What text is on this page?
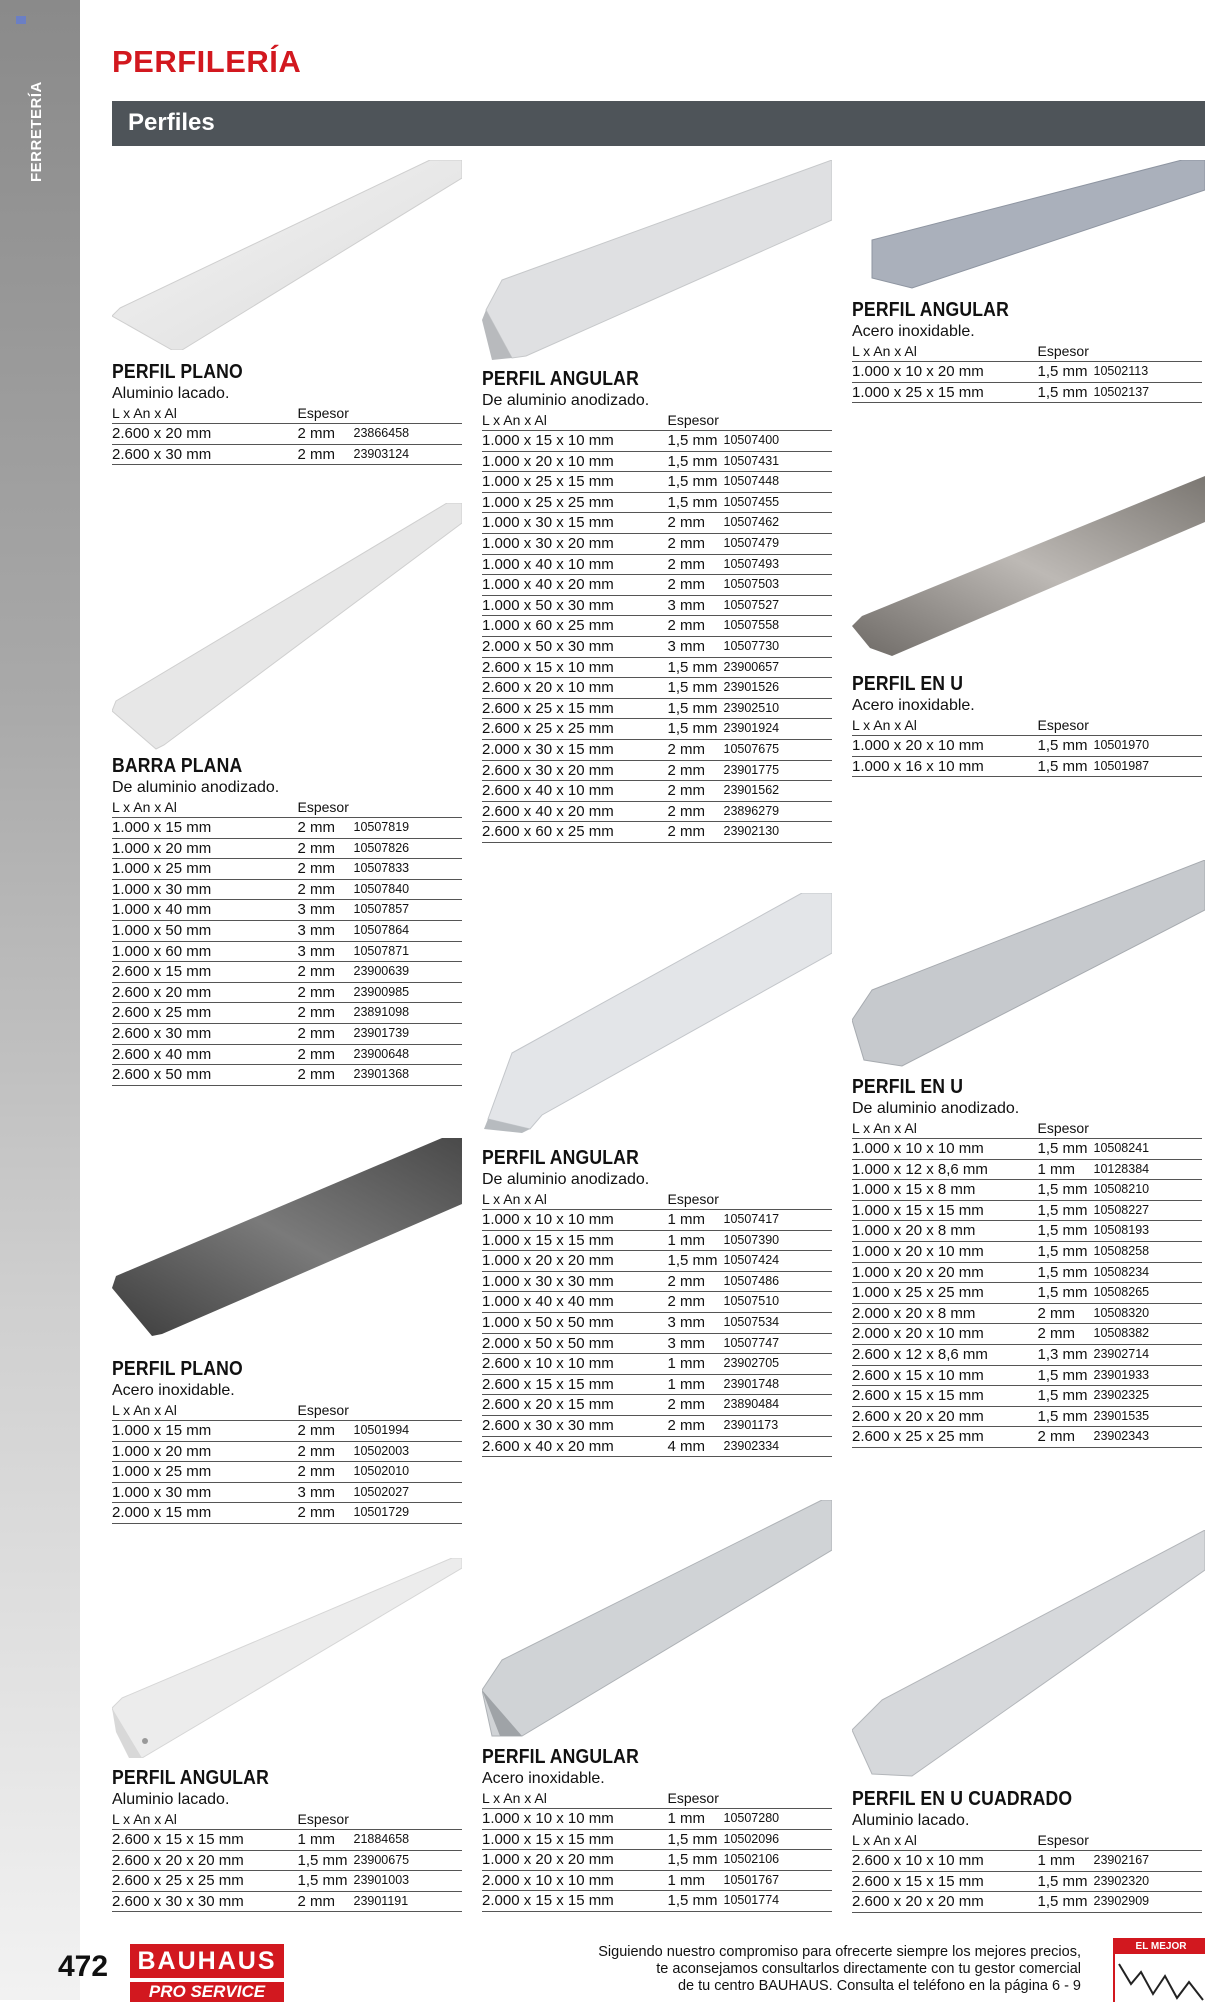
FERRETERÍA
PERFILERÍA
Perfiles
PERFIL PLANO
Aluminio lacado.
L x An x Al	Espesor	
2.600 x 20 mm	2 mm	23866458
2.600 x 30 mm	2 mm	23903124
BARRA PLANA
De aluminio anodizado.
L x An x Al	Espesor	
1.000 x 15 mm	2 mm	10507819
1.000 x 20 mm	2 mm	10507826
1.000 x 25 mm	2 mm	10507833
1.000 x 30 mm	2 mm	10507840
1.000 x 40 mm	3 mm	10507857
1.000 x 50 mm	3 mm	10507864
1.000 x 60 mm	3 mm	10507871
2.600 x 15 mm	2 mm	23900639
2.600 x 20 mm	2 mm	23900985
2.600 x 25 mm	2 mm	23891098
2.600 x 30 mm	2 mm	23901739
2.600 x 40 mm	2 mm	23900648
2.600 x 50 mm	2 mm	23901368
PERFIL PLANO
Acero inoxidable.
L x An x Al	Espesor	
1.000 x 15 mm	2 mm	10501994
1.000 x 20 mm	2 mm	10502003
1.000 x 25 mm	2 mm	10502010
1.000 x 30 mm	3 mm	10502027
2.000 x 15 mm	2 mm	10501729
PERFIL ANGULAR
Aluminio lacado.
L x An x Al	Espesor	
2.600 x 15 x 15 mm	1 mm	21884658
2.600 x 20 x 20 mm	1,5 mm	23900675
2.600 x 25 x 25 mm	1,5 mm	23901003
2.600 x 30 x 30 mm	2 mm	23901191
PERFIL ANGULAR
De aluminio anodizado.
L x An x Al	Espesor	
1.000 x 15 x 10 mm	1,5 mm	10507400
1.000 x 20 x 10 mm	1,5 mm	10507431
1.000 x 25 x 15 mm	1,5 mm	10507448
1.000 x 25 x 25 mm	1,5 mm	10507455
1.000 x 30 x 15 mm	2 mm	10507462
1.000 x 30 x 20 mm	2 mm	10507479
1.000 x 40 x 10 mm	2 mm	10507493
1.000 x 40 x 20 mm	2 mm	10507503
1.000 x 50 x 30 mm	3 mm	10507527
1.000 x 60 x 25 mm	2 mm	10507558
2.000 x 50 x 30 mm	3 mm	10507730
2.600 x 15 x 10 mm	1,5 mm	23900657
2.600 x 20 x 10 mm	1,5 mm	23901526
2.600 x 25 x 15 mm	1,5 mm	23902510
2.600 x 25 x 25 mm	1,5 mm	23901924
2.000 x 30 x 15 mm	2 mm	10507675
2.600 x 30 x 20 mm	2 mm	23901775
2.600 x 40 x 10 mm	2 mm	23901562
2.600 x 40 x 20 mm	2 mm	23896279
2.600 x 60 x 25 mm	2 mm	23902130
PERFIL ANGULAR
De aluminio anodizado.
L x An x Al	Espesor	
1.000 x 10 x 10 mm	1 mm	10507417
1.000 x 15 x 15 mm	1 mm	10507390
1.000 x 20 x 20 mm	1,5 mm	10507424
1.000 x 30 x 30 mm	2 mm	10507486
1.000 x 40 x 40 mm	2 mm	10507510
1.000 x 50 x 50 mm	3 mm	10507534
2.000 x 50 x 50 mm	3 mm	10507747
2.600 x 10 x 10 mm	1 mm	23902705
2.600 x 15 x 15 mm	1 mm	23901748
2.600 x 20 x 15 mm	2 mm	23890484
2.600 x 30 x 30 mm	2 mm	23901173
2.600 x 40 x 20 mm	4 mm	23902334
PERFIL ANGULAR
Acero inoxidable.
L x An x Al	Espesor	
1.000 x 10 x 10 mm	1 mm	10507280
1.000 x 15 x 15 mm	1,5 mm	10502096
1.000 x 20 x 20 mm	1,5 mm	10502106
2.000 x 10 x 10 mm	1 mm	10501767
2.000 x 15 x 15 mm	1,5 mm	10501774
PERFIL ANGULAR
Acero inoxidable.
L x An x Al	Espesor	
1.000 x 10 x 20 mm	1,5 mm	10502113
1.000 x 25 x 15 mm	1,5 mm	10502137
PERFIL EN U
Acero inoxidable.
L x An x Al	Espesor	
1.000 x 20 x 10 mm	1,5 mm	10501970
1.000 x 16 x 10 mm	1,5 mm	10501987
PERFIL EN U
De aluminio anodizado.
L x An x Al	Espesor	
1.000 x 10 x 10 mm	1,5 mm	10508241
1.000 x 12 x 8,6 mm	1 mm	10128384
1.000 x 15 x 8 mm	1,5 mm	10508210
1.000 x 15 x 15 mm	1,5 mm	10508227
1.000 x 20 x 8 mm	1,5 mm	10508193
1.000 x 20 x 10 mm	1,5 mm	10508258
1.000 x 20 x 20 mm	1,5 mm	10508234
1.000 x 25 x 25 mm	1,5 mm	10508265
2.000 x 20 x 8 mm	2 mm	10508320
2.000 x 20 x 10 mm	2 mm	10508382
2.600 x 12 x 8,6 mm	1,3 mm	23902714
2.600 x 15 x 10 mm	1,5 mm	23901933
2.600 x 15 x 15 mm	1,5 mm	23902325
2.600 x 20 x 20 mm	1,5 mm	23901535
2.600 x 25 x 25 mm	2 mm	23902343
PERFIL EN U CUADRADO
Aluminio lacado.
L x An x Al	Espesor	
2.600 x 10 x 10 mm	1 mm	23902167
2.600 x 15 x 15 mm	1,5 mm	23902320
2.600 x 20 x 20 mm	1,5 mm	23902909
472	BAUHAUS
PRO SERVICE
Siguiendo nuestro compromiso para ofrecerte siempre los mejores precios,
te aconsejamos consultarlos directamente con tu gestor comercial
de tu centro BAUHAUS. Consulta el teléfono en la página 6 - 9
EL MEJOR PRECIO
